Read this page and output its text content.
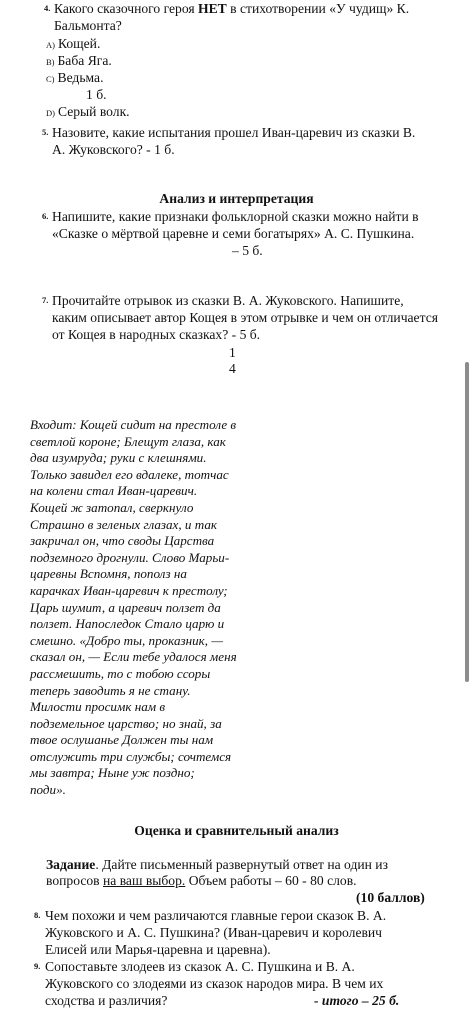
4. Какого сказочного героя НЕТ в стихотворении «У чудищ» К.
Бальмонта?
A) Кощей.
B) Баба Яга.
C) Ведьма.
1 б.
D) Серый волк.
5. Назовите, какие испытания прошел Иван-царевич из сказки В.
А. Жуковского? - 1 б.
Анализ и интерпретация
6. Напишите, какие признаки фольклорной сказки можно найти в
«Сказке о мёртвой царевне и семи богатырях» А. С. Пушкина.
– 5 б.
7. Прочитайте отрывок из сказки В. А. Жуковского. Напишите,
каким описывает автор Кощея в этом отрывке и чем он отличается
от Кощея в народных сказках? - 5 б.
1
4
Входит: Кощей сидит на престоле в
светлой короне; Блещут глаза, как
два изумруда; руки с клешнями.
Только завидел его вдалеке, тотчас
на колени стал Иван-царевич.
Кощей ж затопал, сверкнуло
Страшно в зеленых глазах, и так
закричал он, что своды Царства
подземного дрогнули. Слово Марьи-
царевны Вспомня, пополз на
карачках Иван-царевич к престолу;
Царь шумит, а царевич ползет да
ползет. Напоследок Стало царю и
смешно. «Добро ты, проказник, —
сказал он, — Если тебе удалося меня
рассмешить, то с тобою ссоры
теперь заводить я не стану.
Милости просимк нам в
подземельное царство; но знай, за
твое ослушанье Должен ты нам
отслужить три службы; сочтемся
мы завтра; Ныне уж поздно;
поди».
Оценка и сравнительный анализ
Задание. Дайте письменный развернутый ответ на один из
вопросов на ваш выбор. Объем работы – 60 - 80 слов.
(10 баллов)
8. Чем похожи и чем различаются главные герои сказок В. А.
Жуковского и А. С. Пушкина? (Иван-царевич и королевич
Елисей или Марья-царевна и царевна).
9. Сопоставьте злодеев из сказок А. С. Пушкина и В. А.
Жуковского со злодеями из сказок народов мира. В чем их
сходства и различия?	- итого – 25 б.
